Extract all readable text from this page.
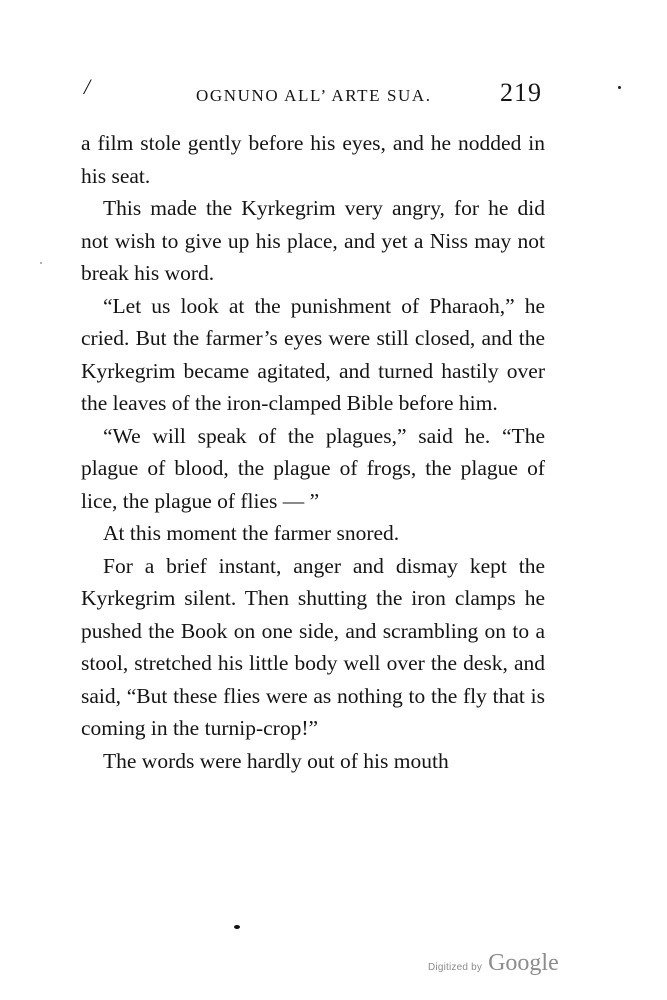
/	OGNUNO ALL’ ARTE SUA.	219

a film stole gently before his eyes, and he nodded in his seat.

This made the Kyrkegrim very angry, for he did not wish to give up his place, and yet a Niss may not break his word.

“Let us look at the punishment of Pharaoh,” he cried. But the farmer’s eyes were still closed, and the Kyrkegrim became agitated, and turned hastily over the leaves of the iron-clamped Bible before him.

“We will speak of the plagues,” said he. “The plague of blood, the plague of frogs, the plague of lice, the plague of flies — ”

At this moment the farmer snored.

For a brief instant, anger and dismay kept the Kyrkegrim silent. Then shutting the iron clamps he pushed the Book on one side, and scrambling on to a stool, stretched his little body well over the desk, and said, “But these flies were as nothing to the fly that is coming in the turnip-crop!”

The words were hardly out of his mouth

Digitized by Google
